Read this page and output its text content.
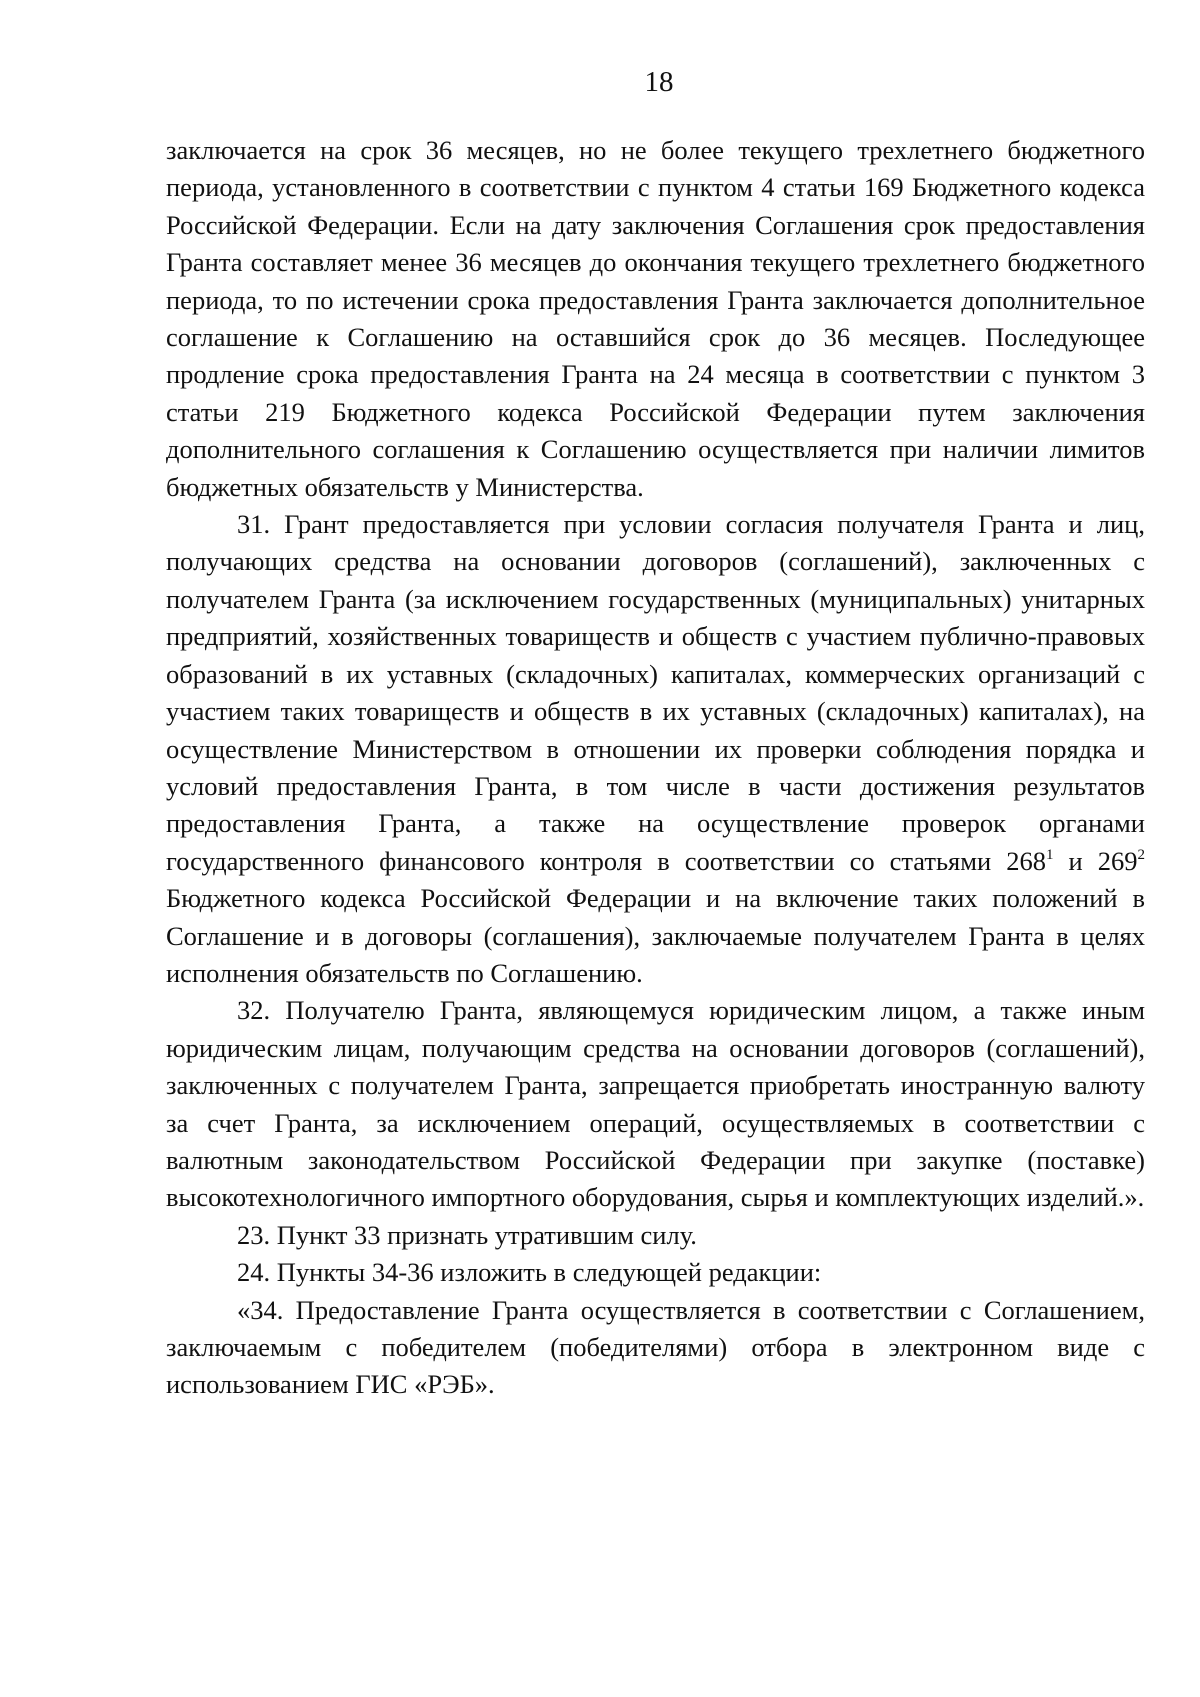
18

заключается на срок 36 месяцев, но не более текущего трехлетнего бюджетного периода, установленного в соответствии с пунктом 4 статьи 169 Бюджетного кодекса Российской Федерации. Если на дату заключения Соглашения срок предоставления Гранта составляет менее 36 месяцев до окончания текущего трехлетнего бюджетного периода, то по истечении срока предоставления Гранта заключается дополнительное соглашение к Соглашению на оставшийся срок до 36 месяцев. Последующее продление срока предоставления Гранта на 24 месяца в соответствии с пунктом 3 статьи 219 Бюджетного кодекса Российской Федерации путем заключения дополнительного соглашения к Соглашению осуществляется при наличии лимитов бюджетных обязательств у Министерства.

31. Грант предоставляется при условии согласия получателя Гранта и лиц, получающих средства на основании договоров (соглашений), заключенных с получателем Гранта (за исключением государственных (муниципальных) унитарных предприятий, хозяйственных товариществ и обществ с участием публично-правовых образований в их уставных (складочных) капиталах, коммерческих организаций с участием таких товариществ и обществ в их уставных (складочных) капиталах), на осуществление Министерством в отношении их проверки соблюдения порядка и условий предоставления Гранта, в том числе в части достижения результатов предоставления Гранта, а также на осуществление проверок органами государственного финансового контроля в соответствии со статьями $268^1$ и $269^2$ Бюджетного кодекса Российской Федерации и на включение таких положений в Соглашение и в договоры (соглашения), заключаемые получателем Гранта в целях исполнения обязательств по Соглашению.

32. Получателю Гранта, являющемуся юридическим лицом, а также иным юридическим лицам, получающим средства на основании договоров (соглашений), заключенных с получателем Гранта, запрещается приобретать иностранную валюту за счет Гранта, за исключением операций, осуществляемых в соответствии с валютным законодательством Российской Федерации при закупке (поставке) высокотехнологичного импортного оборудования, сырья и комплектующих изделий.».

23. Пункт 33 признать утратившим силу.

24. Пункты 34-36 изложить в следующей редакции:

«34. Предоставление Гранта осуществляется в соответствии с Соглашением, заключаемым с победителем (победителями) отбора в электронном виде с использованием ГИС «РЭБ».
